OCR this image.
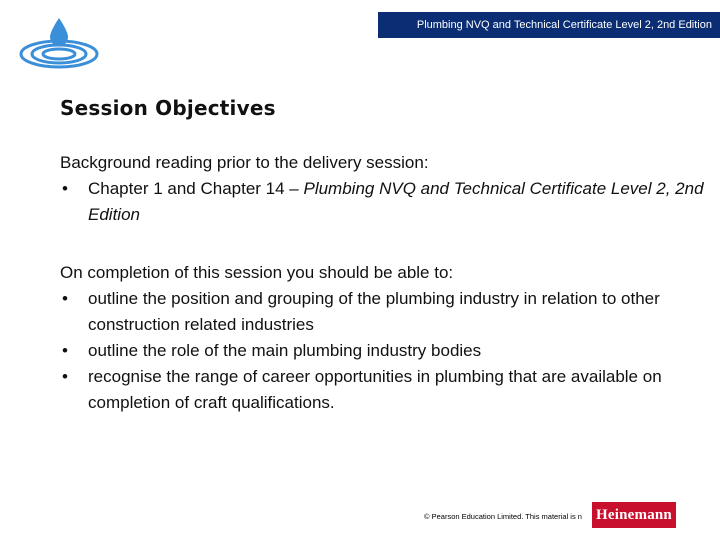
Plumbing NVQ and Technical Certificate Level 2, 2nd Edition
Session Objectives

Background reading prior to the delivery session:

• Chapter 1 and Chapter 14 – Plumbing NVQ and Technical Certificate Level 2, 2nd Edition

On completion of this session you should be able to:

• outline the position and grouping of the plumbing industry in relation to other construction related industries
• outline the role of the main plumbing industry bodies
• recognise the range of career opportunities in plumbing that are available on completion of craft qualifications.
© Pearson Education Limited. This material is n Heinemann
